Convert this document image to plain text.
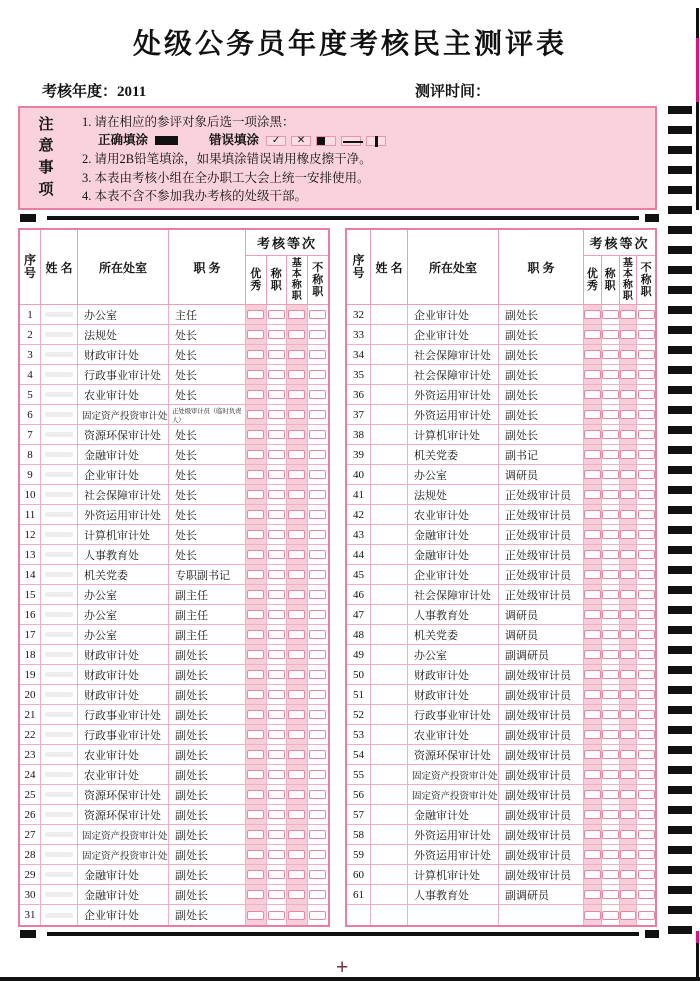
处级公务员年度考核民主测评表
考核年度：2011	测评时间：
注意事项
1. 请在相应的参评对象后选一项涂黑：
正确填涂	错误填涂	✓	✕
2. 请用2B铅笔填涂，如果填涂错误请用橡皮擦干净。
3. 本表由考核小组在全办职工大会上统一安排使用。
4. 本表不含不参加我办考核的处级干部。
序号 姓 名	所在处室	职 务
考核等次
优秀
称职
基本称职
不称职
1	办公室	主任
2	法规处	处长
3	财政审计处	处长
4	行政事业审计处	处长
5	农业审计处	处长
6	固定资产投资审计处
正处级审计员（临时负责人）
7	资源环保审计处	处长
8	金融审计处	处长
9	企业审计处	处长
10	社会保障审计处	处长
11	外资运用审计处	处长
12	计算机审计处	处长
13	人事教育处	处长
14	机关党委	专职副书记
15	办公室	副主任
16	办公室	副主任
17	办公室	副主任
18	财政审计处	副处长
19	财政审计处	副处长
20	财政审计处	副处长
21	行政事业审计处	副处长
22	行政事业审计处	副处长
23	农业审计处	副处长
24	农业审计处	副处长
25	资源环保审计处	副处长
26	资源环保审计处	副处长
27	固定资产投资审计处 副处长
28	固定资产投资审计处 副处长
29	金融审计处	副处长
30	金融审计处	副处长
31	企业审计处	副处长
序号 姓 名	所在处室	职 务
考核等次
优秀
称职
基本称职
不称职
32	企业审计处	副处长
33	企业审计处	副处长
34	社会保障审计处	副处长
35	社会保障审计处	副处长
36	外资运用审计处	副处长
37	外资运用审计处	副处长
38	计算机审计处	副处长
39	机关党委	副书记
40	办公室	调研员
41	法规处	正处级审计员
42	农业审计处	正处级审计员
43	金融审计处	正处级审计员
44	金融审计处	正处级审计员
45	企业审计处	正处级审计员
46	社会保障审计处	正处级审计员
47	人事教育处	调研员
48	机关党委	调研员
49	办公室	副调研员
50	财政审计处	副处级审计员
51	财政审计处	副处级审计员
52	行政事业审计处	副处级审计员
53	农业审计处	副处级审计员
54	资源环保审计处	副处级审计员
55	固定资产投资审计处 副处级审计员
56	固定资产投资审计处 副处级审计员
57	金融审计处	副处级审计员
58	外资运用审计处	副处级审计员
59	外资运用审计处	副处级审计员
60	计算机审计处	副处级审计员
61	人事教育处	副调研员
+
